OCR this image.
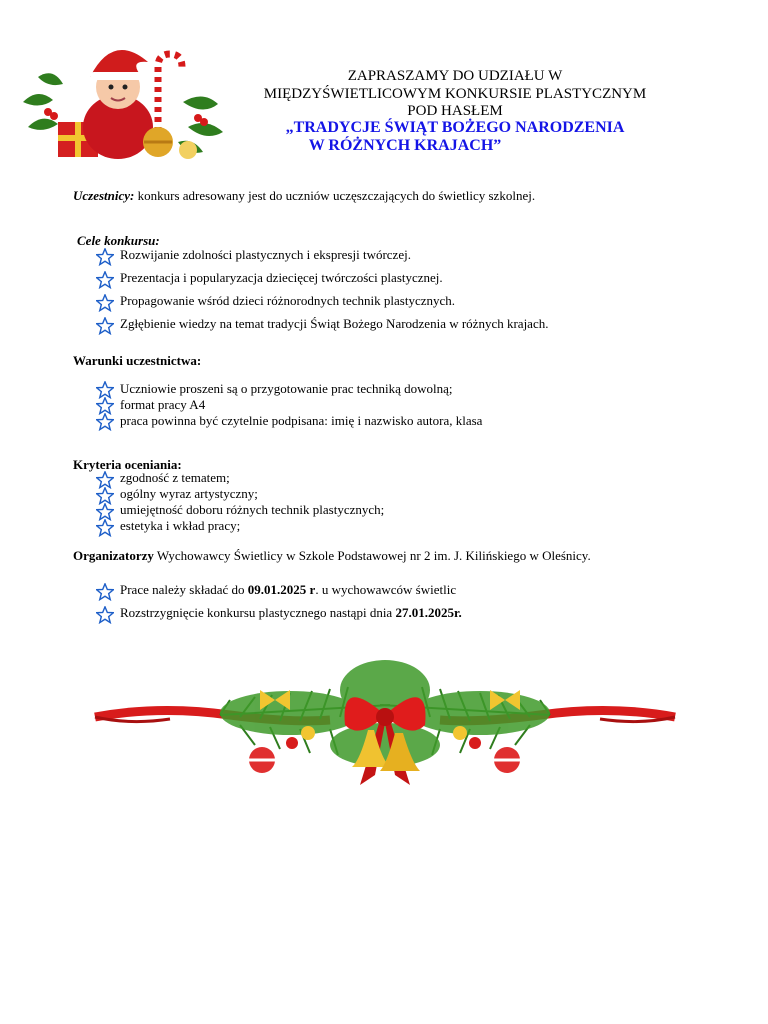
ZAPRASZAMY DO UDZIAŁU W
MIĘDZYŚWIETLICOWYM KONKURSIE PLASTYCZNYM
POD HASŁEM
„TRADYCJE ŚWIĄT BOŻEGO NARODZENIA
W RÓŻNYCH KRAJACH”
Uczestnicy: konkurs adresowany jest do uczniów uczęszczających do świetlicy szkolnej.
Cele konkursu:
Rozwijanie zdolności plastycznych i ekspresji twórczej.
Prezentacja i popularyzacja dziecięcej twórczości plastycznej.
Propagowanie wśród dzieci różnorodnych technik plastycznych.
Zgłębienie wiedzy na temat tradycji Świąt Bożego Narodzenia w różnych krajach.
Warunki uczestnictwa:
Uczniowie proszeni są o przygotowanie prac techniką dowolną;
format pracy A4
praca powinna być czytelnie podpisana: imię i nazwisko autora, klasa
Kryteria oceniania:
zgodność z tematem;
ogólny wyraz artystyczny;
umiejętność doboru różnych technik plastycznych;
estetyka i wkład pracy;
Organizatorzy Wychowawcy Świetlicy w Szkole Podstawowej nr 2 im. J. Kilińskiego w Oleśnicy.
Prace należy składać do 09.01.2025 r. u wychowawców świetlic
Rozstrzygnięcie konkursu plastycznego nastąpi dnia 27.01.2025r.
